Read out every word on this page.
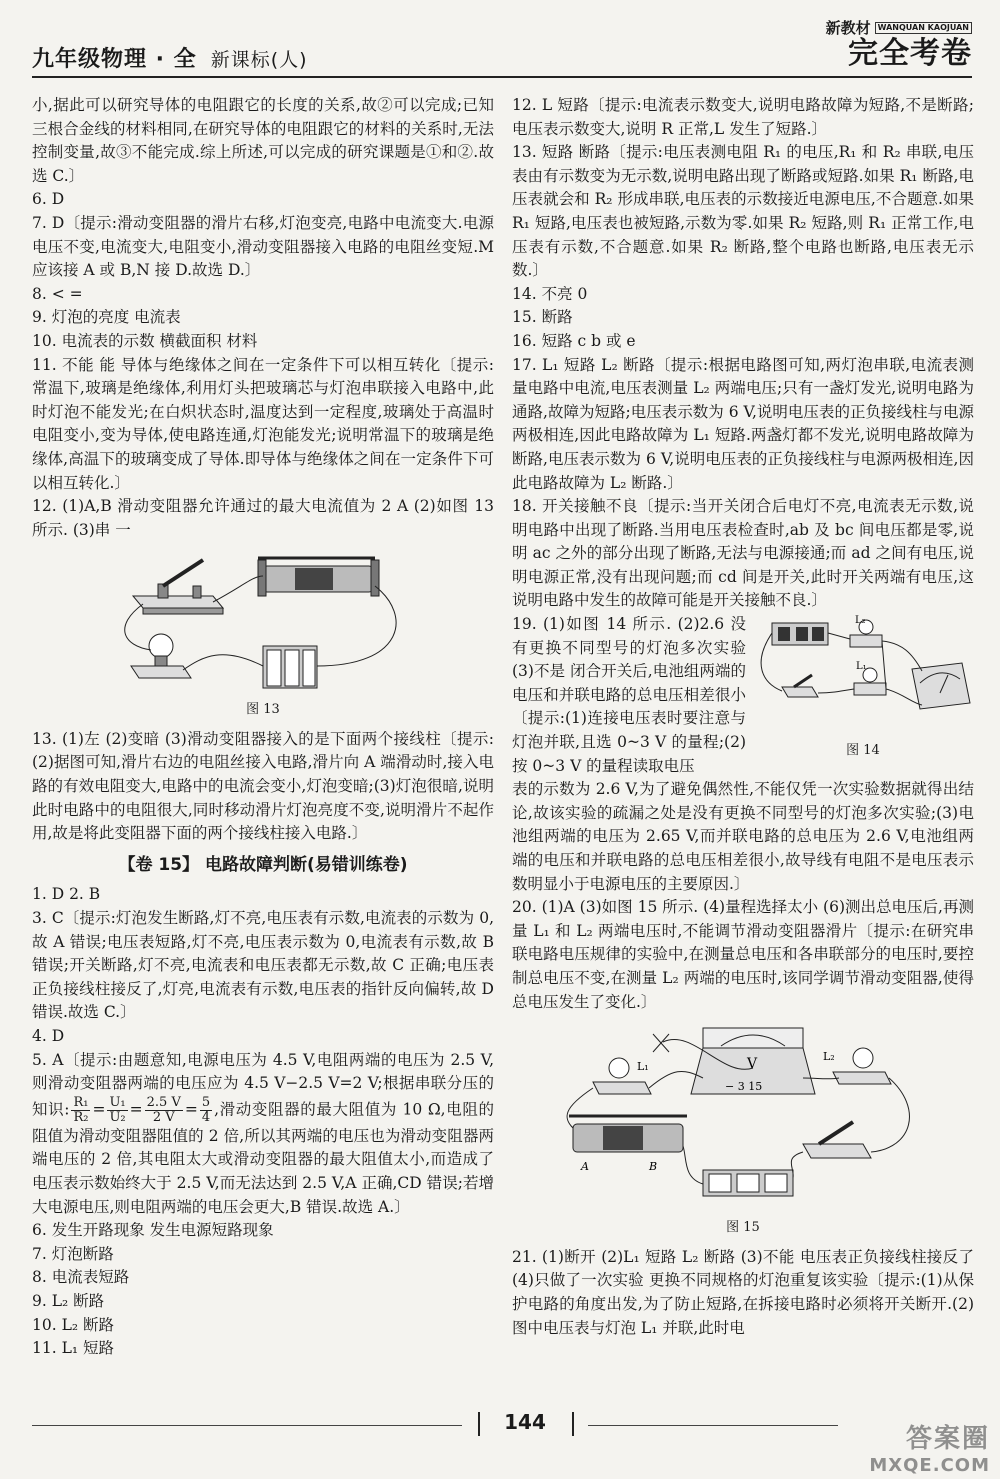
九年级物理 · 全 新课标(人)
新教材 WANQUAN KAOJUAN
完全考卷

小,据此可以研究导体的电阻跟它的长度的关系,故②可以完成;已知三根合金线的材料相同,在研究导体的电阻跟它的材料的关系时,无法控制变量,故③不能完成.综上所述,可以完成的研究课题是①和②.故选 C.〕

6. D

7. D〔提示:滑动变阻器的滑片右移,灯泡变亮,电路中电流变大.电源电压不变,电流变大,电阻变小,滑动变阻器接入电路的电阻丝变短.M 应该接 A 或 B,N 接 D.故选 D.〕

8. < =

9. 灯泡的亮度 电流表

10. 电流表的示数 横截面积 材料

11. 不能 能 导体与绝缘体之间在一定条件下可以相互转化〔提示:常温下,玻璃是绝缘体,利用灯头把玻璃芯与灯泡串联接入电路中,此时灯泡不能发光;在白炽状态时,温度达到一定程度,玻璃处于高温时电阻变小,变为导体,使电路连通,灯泡能发光;说明常温下的玻璃是绝缘体,高温下的玻璃变成了导体.即导体与绝缘体之间在一定条件下可以相互转化.〕

12. (1)A,B 滑动变阻器允许通过的最大电流值为 2 A (2)如图 13 所示. (3)串 一

图 13

13. (1)左 (2)变暗 (3)滑动变阻器接入的是下面两个接线柱〔提示:(2)据图可知,滑片右边的电阻丝接入电路,滑片向 A 端滑动时,接入电路的有效电阻变大,电路中的电流会变小,灯泡变暗;(3)灯泡很暗,说明此时电路中的电阻很大,同时移动滑片灯泡亮度不变,说明滑片不起作用,故是将此变阻器下面的两个接线柱接入电路.〕

【卷 15】 电路故障判断(易错训练卷)

1. D 2. B

3. C〔提示:灯泡发生断路,灯不亮,电压表有示数,电流表的示数为 0,故 A 错误;电压表短路,灯不亮,电压表示数为 0,电流表有示数,故 B 错误;开关断路,灯不亮,电流表和电压表都无示数,故 C 正确;电压表正负接线柱接反了,灯亮,电流表有示数,电压表的指针反向偏转,故 D 错误.故选 C.〕

4. D

5. A〔提示:由题意知,电源电压为 4.5 V,电阻两端的电压为 2.5 V,则滑动变阻器两端的电压应为 4.5 V−2.5 V=2 V;根据串联分压的知识: $\frac{\text{R₁}}{\text{R₂}} = \frac{\text{U₁}}{\text{U₂}} = \frac{2.5 V}{2 V} = \frac{5}{4}$ ,滑动变阻器的最大阻值为 10 Ω,电阻的阻值为滑动变阻器阻值的 2 倍,所以其两端的电压也为滑动变阻器两端电压的 2 倍,其电阻太大或滑动变阻器的最大阻值太小,而造成了电压表示数始终大于 2.5 V,而无法达到 2.5 V,A 正确,CD 错误;若增大电源电压,则电阻两端的电压会更大,B 错误.故选 A.〕

6. 发生开路现象 发生电源短路现象

7. 灯泡断路

8. 电流表短路

9. L₂ 断路

10. L₂ 断路

11. L₁ 短路

12. L 短路〔提示:电流表示数变大,说明电路故障为短路,不是断路;电压表示数变大,说明 R 正常,L 发生了短路.〕

13. 短路 断路〔提示:电压表测电阻 R₁ 的电压,R₁ 和 R₂ 串联,电压表由有示数变为无示数,说明电路出现了断路或短路.如果 R₁ 断路,电压表就会和 R₂ 形成串联,电压表的示数接近电源电压,不合题意.如果 R₁ 短路,电压表也被短路,示数为零.如果 R₂ 短路,则 R₁ 正常工作,电压表有示数,不合题意.如果 R₂ 断路,整个电路也断路,电压表无示数.〕

14. 不亮 0

15. 断路

16. 短路 c b 或 e

17. L₁ 短路 L₂ 断路〔提示:根据电路图可知,两灯泡串联,电流表测量电路中电流,电压表测量 L₂ 两端电压;只有一盏灯发光,说明电路为通路,故障为短路;电压表示数为 6 V,说明电压表的正负接线柱与电源两极相连,因此电路故障为 L₁ 短路.两盏灯都不发光,说明电路故障为断路,电压表示数为 6 V,说明电压表的正负接线柱与电源两极相连,因此电路故障为 L₂ 断路.〕

18. 开关接触不良〔提示:当开关闭合后电灯不亮,电流表无示数,说明电路中出现了断路.当用电压表检查时,ab 及 bc 间电压都是零,说明 ac 之外的部分出现了断路,无法与电源接通;而 ad 之间有电压,说明电源正常,没有出现问题;而 cd 间是开关,此时开关两端有电压,这说明电路中发生的故障可能是开关接触不良.〕

L₂
L₁
图 14

19. (1)如图 14 所示. (2)2.6 没有更换不同型号的灯泡多次实验 (3)不是 闭合开关后,电池组两端的电压和并联电路的总电压相差很小〔提示:(1)连接电压表时要注意与灯泡并联,且选 0~3 V 的量程;(2)按 0~3 V 的量程读取电压

表的示数为 2.6 V,为了避免偶然性,不能仅凭一次实验数据就得出结论,故该实验的疏漏之处是没有更换不同型号的灯泡多次实验;(3)电池组两端的电压为 2.65 V,而并联电路的总电压为 2.6 V,电池组两端的电压和并联电路的总电压相差很小,故导线有电阻不是电压表示数明显小于电源电压的主要原因.〕

20. (1)A (3)如图 15 所示. (4)量程选择太小 (6)测出总电压后,再测量 L₁ 和 L₂ 两端电压时,不能调节滑动变阻器滑片〔提示:在研究串联电路电压规律的实验中,在测量总电压和各串联部分的电压时,要控制总电压不变,在测量 L₂ 两端的电压时,该同学调节滑动变阻器,使得总电压发生了变化.〕

V
− 3 15
L₁
L₂
A	B
图 15

21. (1)断开 (2)L₁ 短路 L₂ 断路 (3)不能 电压表正负接线柱接反了 (4)只做了一次实验 更换不同规格的灯泡重复该实验〔提示:(1)从保护电路的角度出发,为了防止短路,在拆接电路时必须将开关断开.(2)图中电压表与灯泡 L₁ 并联,此时电

144
答案圈
MXQE.COM
